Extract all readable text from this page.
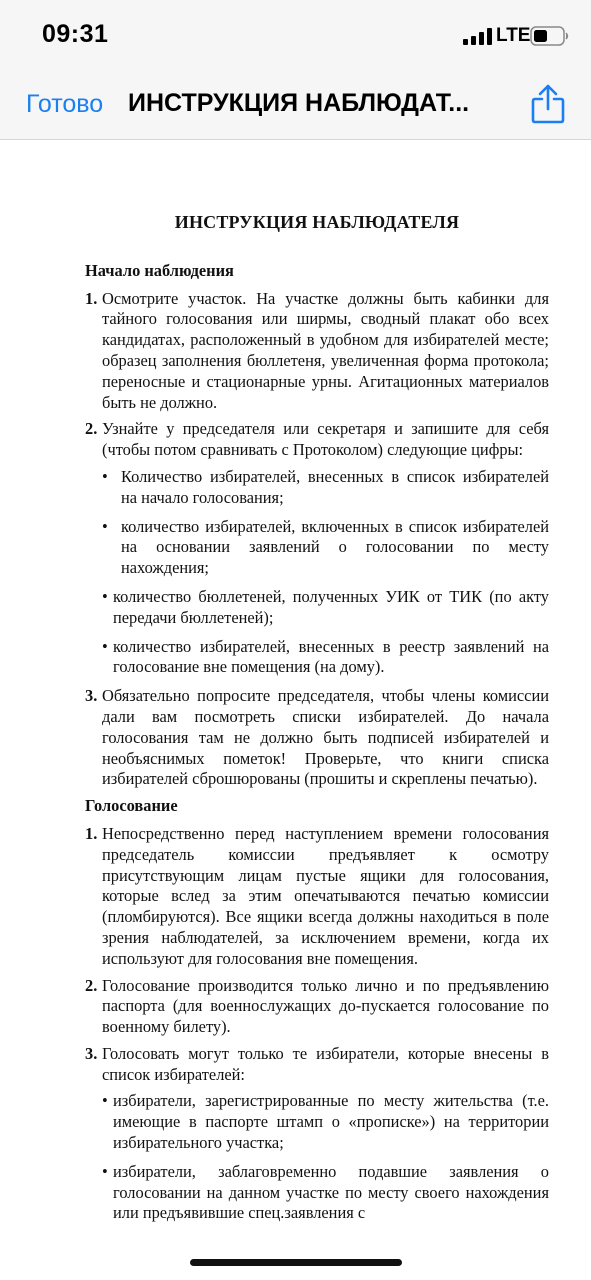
09:31	LTE
Готово ИНСТРУКЦИЯ НАБЛЮДАТ...
ИНСТРУКЦИЯ НАБЛЮДАТЕЛЯ
Начало наблюдения
1. Осмотрите участок. На участке должны быть кабинки для тайного голосования или ширмы, сводный плакат обо всех кандидатах, расположенный в удобном для избирателей месте; образец заполнения бюллетеня, увеличенная форма протокола; переносные и стационарные урны. Агитационных материалов быть не должно.
2. Узнайте у председателя или секретаря и запишите для себя (чтобы потом сравнивать с Протоколом) следующие цифры:
• Количество избирателей, внесенных в список избирателей на начало голосования;
• количество избирателей, включенных в список избирателей на основании заявлений о голосовании по месту нахождения;
• количество бюллетеней, полученных УИК от ТИК (по акту передачи бюллетеней);
• количество избирателей, внесенных в реестр заявлений на голосование вне помещения (на дому).
3. Обязательно попросите председателя, чтобы члены комиссии дали вам посмотреть списки избирателей. До начала голосования там не должно быть подписей избирателей и необъяснимых пометок! Проверьте, что книги списка избирателей сброшюрованы (прошиты и скреплены печатью).
Голосование
1. Непосредственно перед наступлением времени голосования председатель комиссии предъявляет к осмотру присутствующим лицам пустые ящики для голосования, которые вслед за этим опечатываются печатью комиссии (пломбируются). Все ящики всегда должны находиться в поле зрения наблюдателей, за исключением времени, когда их используют для голосования вне помещения.
2. Голосование производится только лично и по предъявлению паспорта (для военнослужащих до-пускается голосование по военному билету).
3. Голосовать могут только те избиратели, которые внесены в список избирателей:
• избиратели, зарегистрированные по месту жительства (т.е. имеющие в паспорте штамп о «прописке») на территории избирательного участка;
• избиратели, заблаговременно подавшие заявления о голосовании на данном участке по месту своего нахождения или предъявившие спец.заявления с
